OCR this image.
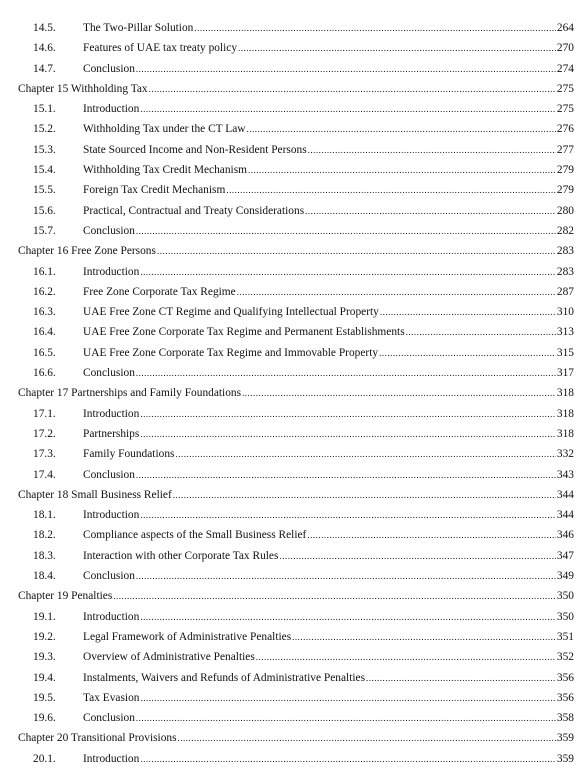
14.5.	The Two-Pillar Solution .....	264
14.6.	Features of UAE tax treaty policy .....	270
14.7.	Conclusion .....	274
Chapter 15 Withholding Tax .....	275
15.1.	Introduction .....	275
15.2.	Withholding Tax under the CT Law .....	276
15.3.	State Sourced Income and Non-Resident Persons .....	277
15.4.	Withholding Tax Credit Mechanism .....	279
15.5.	Foreign Tax Credit Mechanism .....	279
15.6.	Practical, Contractual and Treaty Considerations .....	280
15.7.	Conclusion .....	282
Chapter 16 Free Zone Persons .....	283
16.1.	Introduction .....	283
16.2.	Free Zone Corporate Tax Regime .....	287
16.3.	UAE Free Zone CT Regime and Qualifying Intellectual Property .....	310
16.4.	UAE Free Zone Corporate Tax Regime and Permanent Establishments .....	313
16.5.	UAE Free Zone Corporate Tax Regime and Immovable Property .....	315
16.6.	Conclusion .....	317
Chapter 17 Partnerships and Family Foundations .....	318
17.1.	Introduction .....	318
17.2.	Partnerships .....	318
17.3.	Family Foundations .....	332
17.4.	Conclusion .....	343
Chapter 18 Small Business Relief .....	344
18.1.	Introduction .....	344
18.2.	Compliance aspects of the Small Business Relief .....	346
18.3.	Interaction with other Corporate Tax Rules .....	347
18.4.	Conclusion .....	349
Chapter 19 Penalties .....	350
19.1.	Introduction .....	350
19.2.	Legal Framework of Administrative Penalties .....	351
19.3.	Overview of Administrative Penalties .....	352
19.4.	Instalments, Waivers and Refunds of Administrative Penalties .....	356
19.5.	Tax Evasion .....	356
19.6.	Conclusion .....	358
Chapter 20 Transitional Provisions .....	359
20.1.	Introduction .....	359
